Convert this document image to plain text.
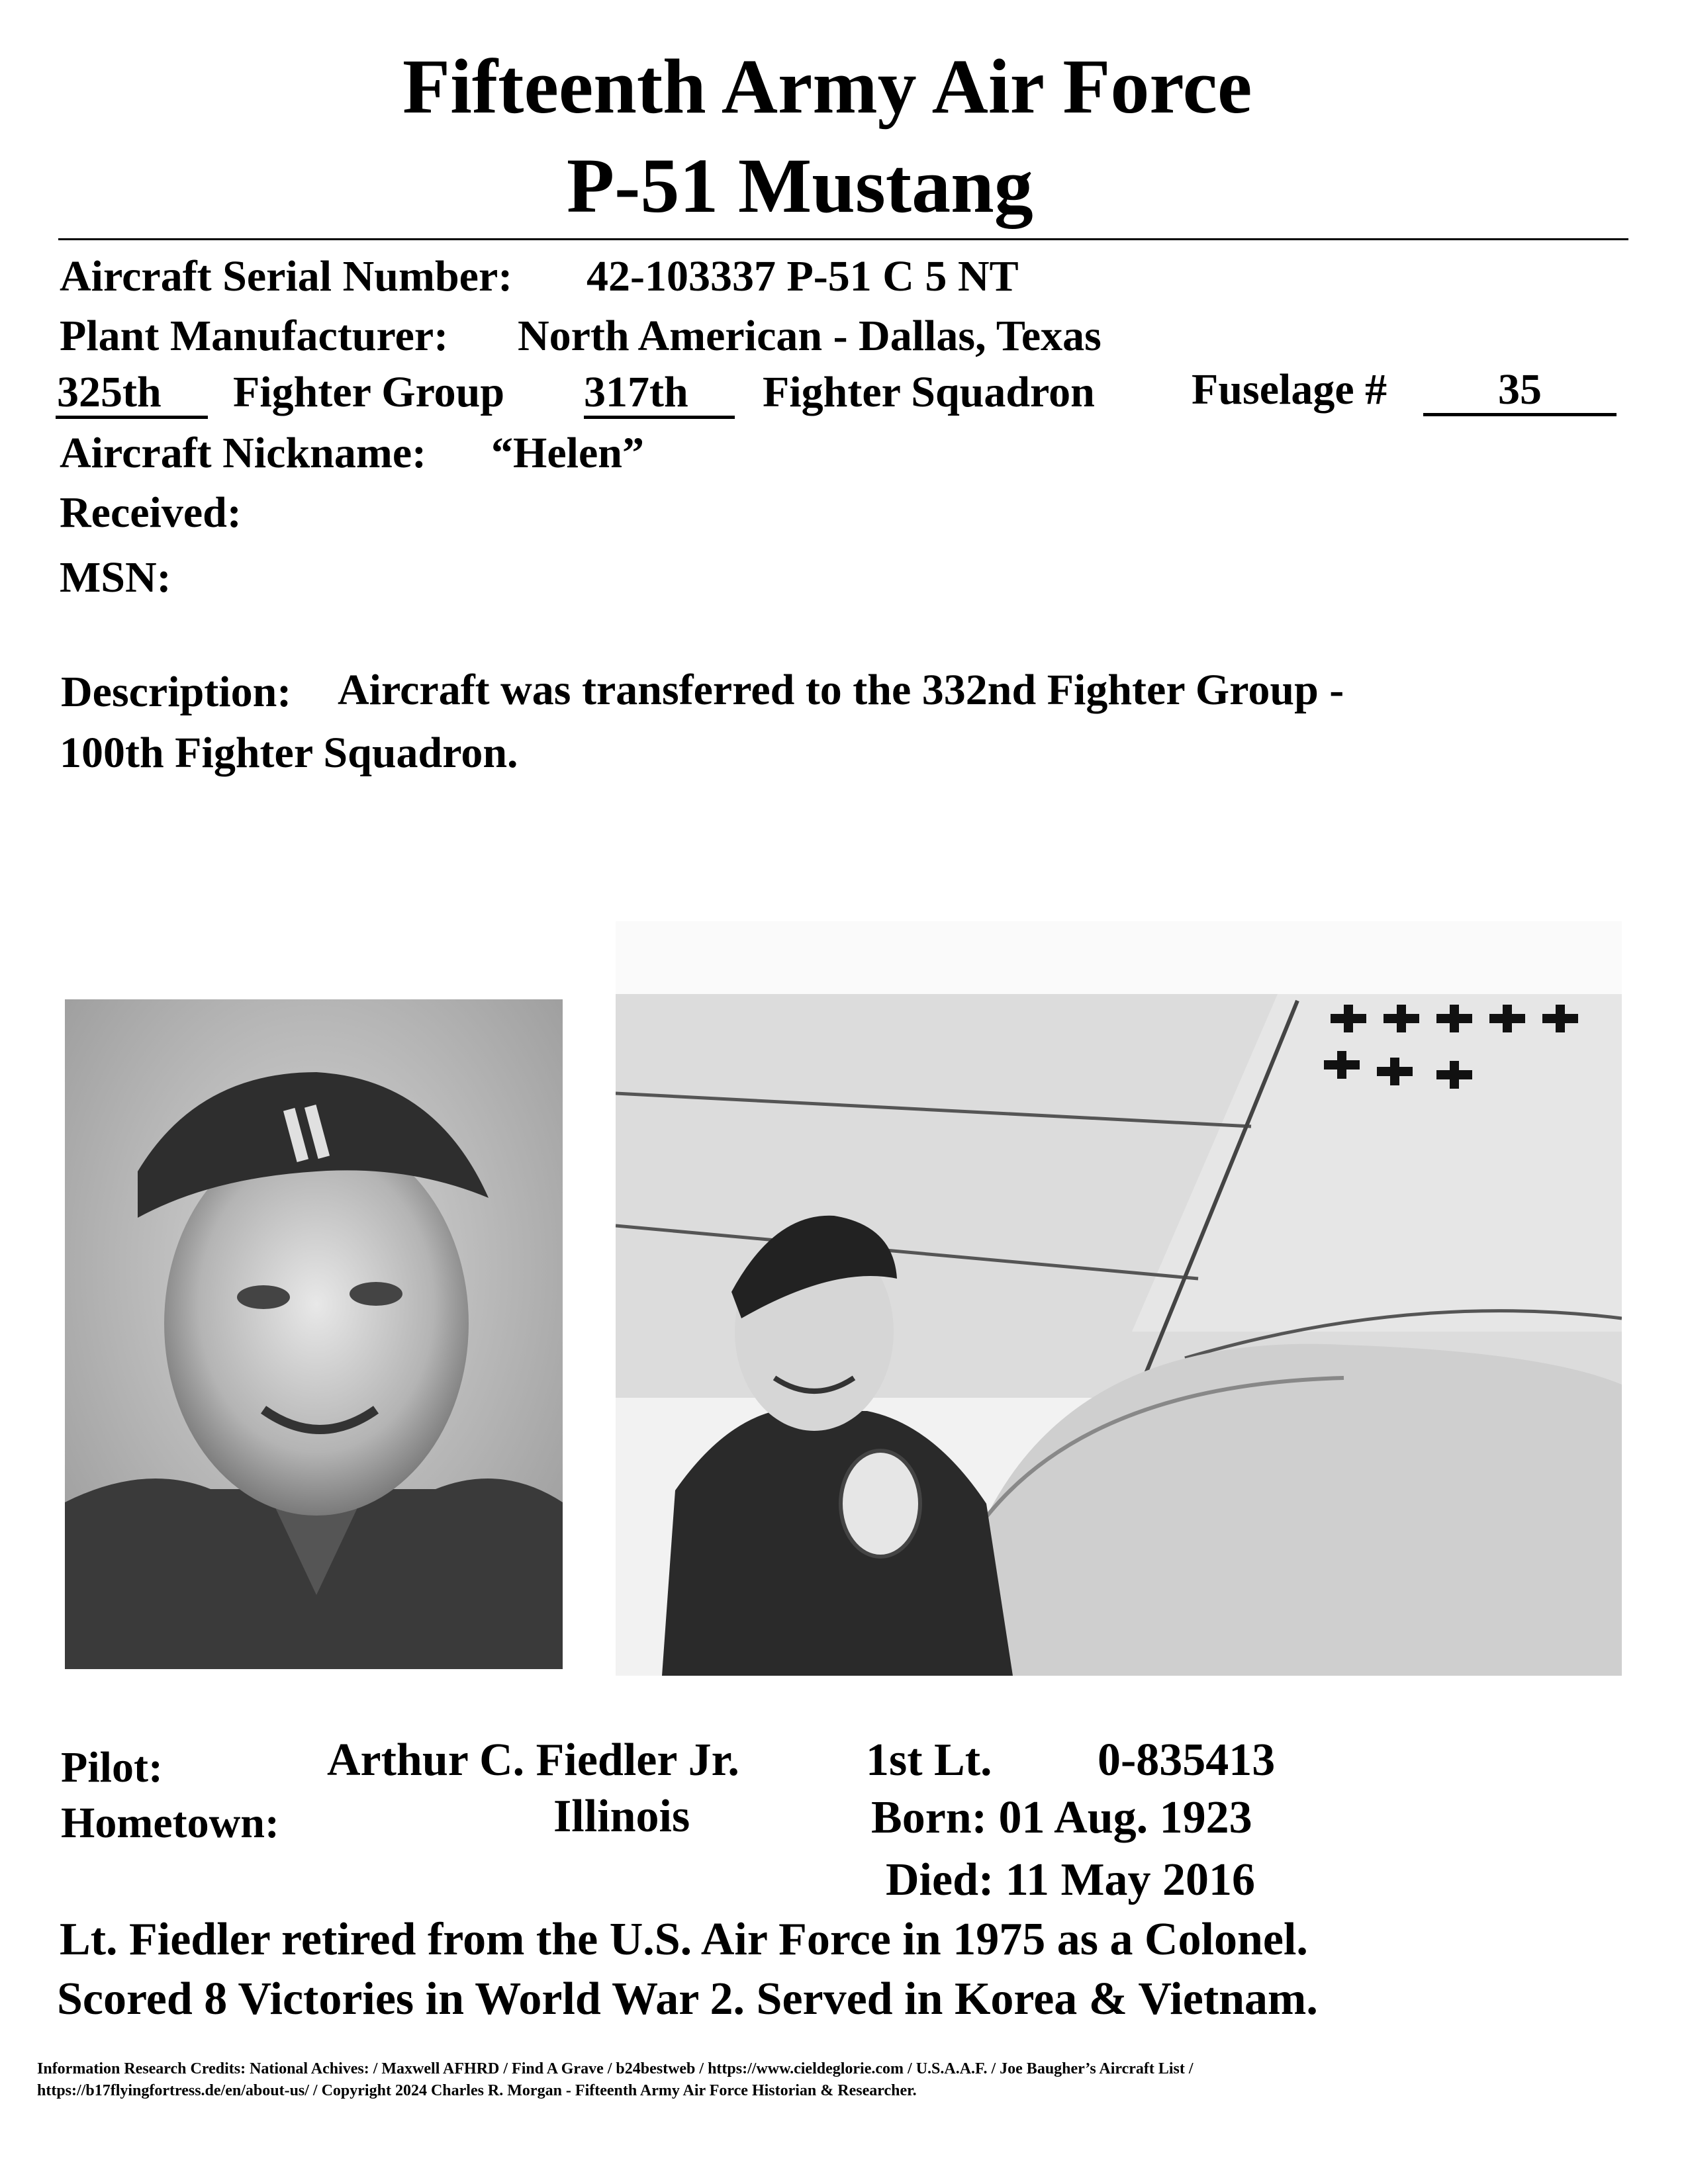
Fifteenth Army Air Force
P-51 Mustang
Aircraft Serial Number: 42-103337 P-51 C 5 NT
Plant Manufacturer: North American - Dallas, Texas
325th	Fighter Group 317th	Fighter Squadron Fuselage #	35
Aircraft Nickname: “Helen”
Received:
MSN:
Description: Aircraft was transferred to the 332nd Fighter Group -
100th Fighter Squadron.
Pilot:	Arthur C. Fiedler Jr.	1st Lt. 0-835413
Hometown:	Illinois	Born: 01 Aug. 1923
Died: 11 May 2016
Lt. Fiedler retired from the U.S. Air Force in 1975 as a Colonel.
Scored 8 Victories in World War 2. Served in Korea & Vietnam.
Information Research Credits: National Achives: / Maxwell AFHRD / Find A Grave / b24bestweb / https://www.cieldeglorie.com / U.S.A.A.F. / Joe Baugher’s Aircraft List /
https://b17flyingfortress.de/en/about-us/ / Copyright 2024 Charles R. Morgan - Fifteenth Army Air Force Historian & Researcher.
